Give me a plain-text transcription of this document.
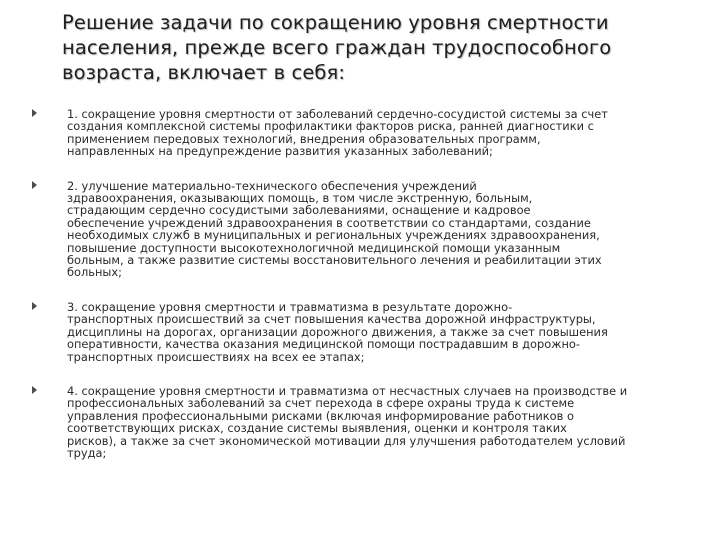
Решение задачи по сокращению уровня смертности
населения, прежде всего граждан трудоспособного
возраста, включает в себя:
1. сокращение уровня смертности от заболеваний сердечно-сосудистой системы за счет
создания комплексной системы профилактики факторов риска, ранней диагностики с
применением передовых технологий, внедрения образовательных программ,
направленных на предупреждение развития указанных заболеваний;
2. улучшение материально-технического обеспечения учреждений
здравоохранения, оказывающих помощь, в том числе экстренную, больным,
страдающим сердечно сосудистыми заболеваниями, оснащение и кадровое
обеспечение учреждений здравоохранения в соответствии со стандартами, создание
необходимых служб в муниципальных и региональных учреждениях здравоохранения,
повышение доступности высокотехнологичной медицинской помощи указанным
больным, а также развитие системы восстановительного лечения и реабилитации этих
больных;
3. сокращение уровня смертности и травматизма в результате дорожно-
транспортных происшествий за счет повышения качества дорожной инфраструктуры,
дисциплины на дорогах, организации дорожного движения, а также за счет повышения
оперативности, качества оказания медицинской помощи пострадавшим в дорожно-
транспортных происшествиях на всех ее этапах;
4. сокращение уровня смертности и травматизма от несчастных случаев на производстве и
профессиональных заболеваний за счет перехода в сфере охраны труда к системе
управления профессиональными рисками (включая информирование работников о
соответствующих рисках, создание системы выявления, оценки и контроля таких
рисков), а также за счет экономической мотивации для улучшения работодателем условий
труда;
